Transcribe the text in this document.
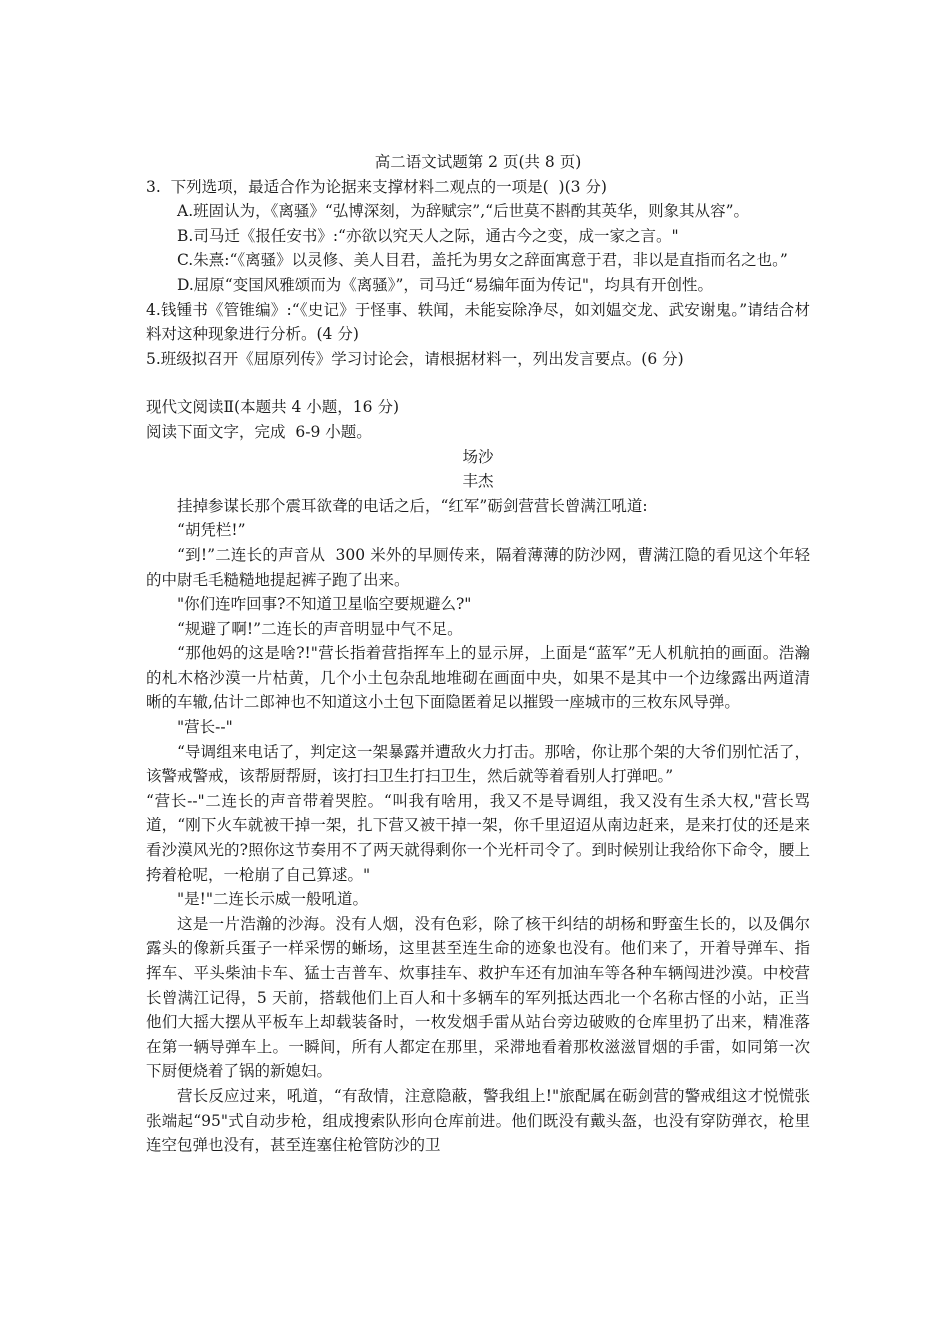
高二语文试题第 2 页(共 8 页)

3.  下列选项，最适合作为论据来支撑材料二观点的一项是(  )(3 分)

A.班固认为，《离骚》“弘博深刻，为辞赋宗”,“后世莫不斟酌其英华，则象其从容”。

B.司马迁《报任安书》:“亦欲以究天人之际，通古今之变，成一家之言。"

C.朱熹:“《离骚》以灵修、美人目君，盖托为男女之辞面寓意于君，非以是直指而名之也。”

D.屈原“变国风雅颂而为《离骚》”，司马迁“易编年面为传记"，均具有开创性。

4.钱锺书《管锥编》:“《史记》于怪事、轶闻，未能妄除净尽，如刘媪交龙、武安谢鬼。”请结合材料对这种现象进行分析。(4 分)

5.班级拟召开《屈原列传》学习讨论会，请根据材料一，列出发言要点。(6 分)

现代文阅读Ⅱ(本题共 4 小题，16 分)

阅读下面文字，完成  6-9 小题。

场沙

丰杰

挂掉参谋长那个震耳欲聋的电话之后，“红军”砺剑营营长曾满江吼道:

“胡凭栏!”

“到!”二连长的声音从  300 米外的早厕传来，隔着薄薄的防沙网，曹满江隐的看见这个年轻的中尉毛毛糙糙地提起裤子跑了出来。

"你们连咋回事?不知道卫星临空要规避么?"

“规避了啊!”二连长的声音明显中气不足。

“那他妈的这是啥?!"营长指着营指挥车上的显示屏，上面是“蓝军”无人机航拍的画面。浩瀚的札木格沙漠一片枯黄，几个小土包杂乱地堆砌在画面中央，如果不是其中一个边缘露出两道清晰的车辙,估计二郎神也不知道这小土包下面隐匿着足以摧毁一座城市的三枚东风导弹。

"营长--"

“导调组来电话了，判定这一架暴露并遭敌火力打击。那啥，你让那个架的大爷们别忙活了，该警戒警戒，该帮厨帮厨，该打扫卫生打扫卫生，然后就等着看别人打弹吧。”

“营长--"二连长的声音带着哭腔。“叫我有啥用，我又不是导调组，我又没有生杀大权,"营长骂道，“刚下火车就被干掉一架，扎下营又被干掉一架，你千里迢迢从南边赶来，是来打仗的还是来看沙漠风光的?照你这节奏用不了两天就得剩你一个光杆司令了。到时候别让我给你下命令，腰上挎着枪呢，一枪崩了自己算逑。"

"是!"二连长示威一般吼道。

这是一片浩瀚的沙海。没有人烟，没有色彩，除了核干纠结的胡杨和野蛮生长的，以及偶尔露头的像新兵蛋子一样采愣的蜥场，这里甚至连生命的迹象也没有。他们来了，开着导弹车、指挥车、平头柴油卡车、猛士吉普车、炊事挂车、救护车还有加油车等各种车辆闯进沙漠。中校营长曾满江记得，5 天前，搭载他们上百人和十多辆车的军列抵达西北一个名称古怪的小站，正当他们大摇大摆从平板车上却载装备时，一枚发烟手雷从站台旁边破败的仓库里扔了出来，精准落在第一辆导弹车上。一瞬间，所有人都定在那里，采滞地看着那枚滋滋冒烟的手雷，如同第一次下厨便烧着了锅的新媳妇。

营长反应过来，吼道，“有敌情，注意隐蔽，警我组上!"旅配属在砺剑营的警戒组这才悦慌张张端起“95"式自动步枪，组成搜索队形向仓库前进。他们既没有戴头盔，也没有穿防弹衣，枪里连空包弹也没有，甚至连塞住枪管防沙的卫
